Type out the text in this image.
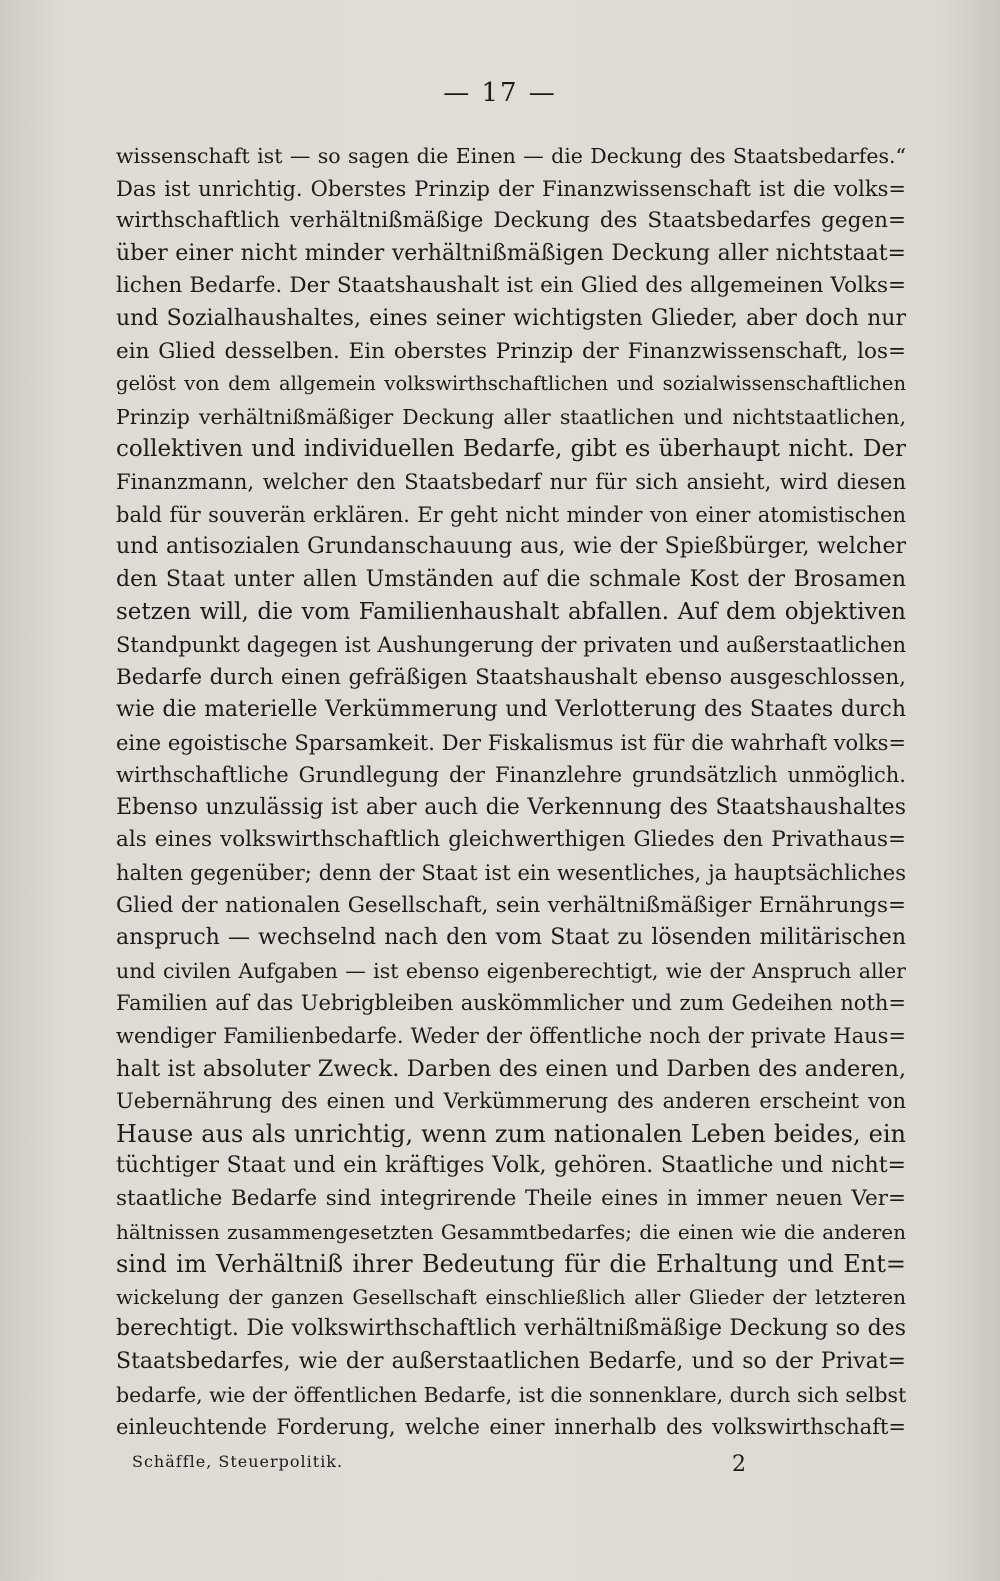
— 17 —
wissenschaft ist — so sagen die Einen — die Deckung des Staatsbedarfes.“
Das ist unrichtig. Oberstes Prinzip der Finanzwissenschaft ist die volks=
wirthschaftlich verhältnißmäßige Deckung des Staatsbedarfes gegen=
über einer nicht minder verhältnißmäßigen Deckung aller nichtstaat=
lichen Bedarfe. Der Staatshaushalt ist ein Glied des allgemeinen Volks=
und Sozialhaushaltes, eines seiner wichtigsten Glieder, aber doch nur
ein Glied desselben. Ein oberstes Prinzip der Finanzwissenschaft, los=
gelöst von dem allgemein volkswirthschaftlichen und sozialwissenschaftlichen
Prinzip verhältnißmäßiger Deckung aller staatlichen und nichtstaatlichen,
collektiven und individuellen Bedarfe, gibt es überhaupt nicht. Der
Finanzmann, welcher den Staatsbedarf nur für sich ansieht, wird diesen
bald für souverän erklären. Er geht nicht minder von einer atomistischen
und antisozialen Grundanschauung aus, wie der Spießbürger, welcher
den Staat unter allen Umständen auf die schmale Kost der Brosamen
setzen will, die vom Familienhaushalt abfallen. Auf dem objektiven
Standpunkt dagegen ist Aushungerung der privaten und außerstaatlichen
Bedarfe durch einen gefräßigen Staatshaushalt ebenso ausgeschlossen,
wie die materielle Verkümmerung und Verlotterung des Staates durch
eine egoistische Sparsamkeit. Der Fiskalismus ist für die wahrhaft volks=
wirthschaftliche Grundlegung der Finanzlehre grundsätzlich unmöglich.
Ebenso unzulässig ist aber auch die Verkennung des Staatshaushaltes
als eines volkswirthschaftlich gleichwerthigen Gliedes den Privathaus=
halten gegenüber; denn der Staat ist ein wesentliches, ja hauptsächliches
Glied der nationalen Gesellschaft, sein verhältnißmäßiger Ernährungs=
anspruch — wechselnd nach den vom Staat zu lösenden militärischen
und civilen Aufgaben — ist ebenso eigenberechtigt, wie der Anspruch aller
Familien auf das Uebrigbleiben auskömmlicher und zum Gedeihen noth=
wendiger Familienbedarfe. Weder der öffentliche noch der private Haus=
halt ist absoluter Zweck. Darben des einen und Darben des anderen,
Uebernährung des einen und Verkümmerung des anderen erscheint von
Hause aus als unrichtig, wenn zum nationalen Leben beides, ein
tüchtiger Staat und ein kräftiges Volk, gehören. Staatliche und nicht=
staatliche Bedarfe sind integrirende Theile eines in immer neuen Ver=
hältnissen zusammengesetzten Gesammtbedarfes; die einen wie die anderen
sind im Verhältniß ihrer Bedeutung für die Erhaltung und Ent=
wickelung der ganzen Gesellschaft einschließlich aller Glieder der letzteren
berechtigt. Die volkswirthschaftlich verhältnißmäßige Deckung so des
Staatsbedarfes, wie der außerstaatlichen Bedarfe, und so der Privat=
bedarfe, wie der öffentlichen Bedarfe, ist die sonnenklare, durch sich selbst
einleuchtende Forderung, welche einer innerhalb des volkswirthschaft=
Schäffle, Steuerpolitik.	2
